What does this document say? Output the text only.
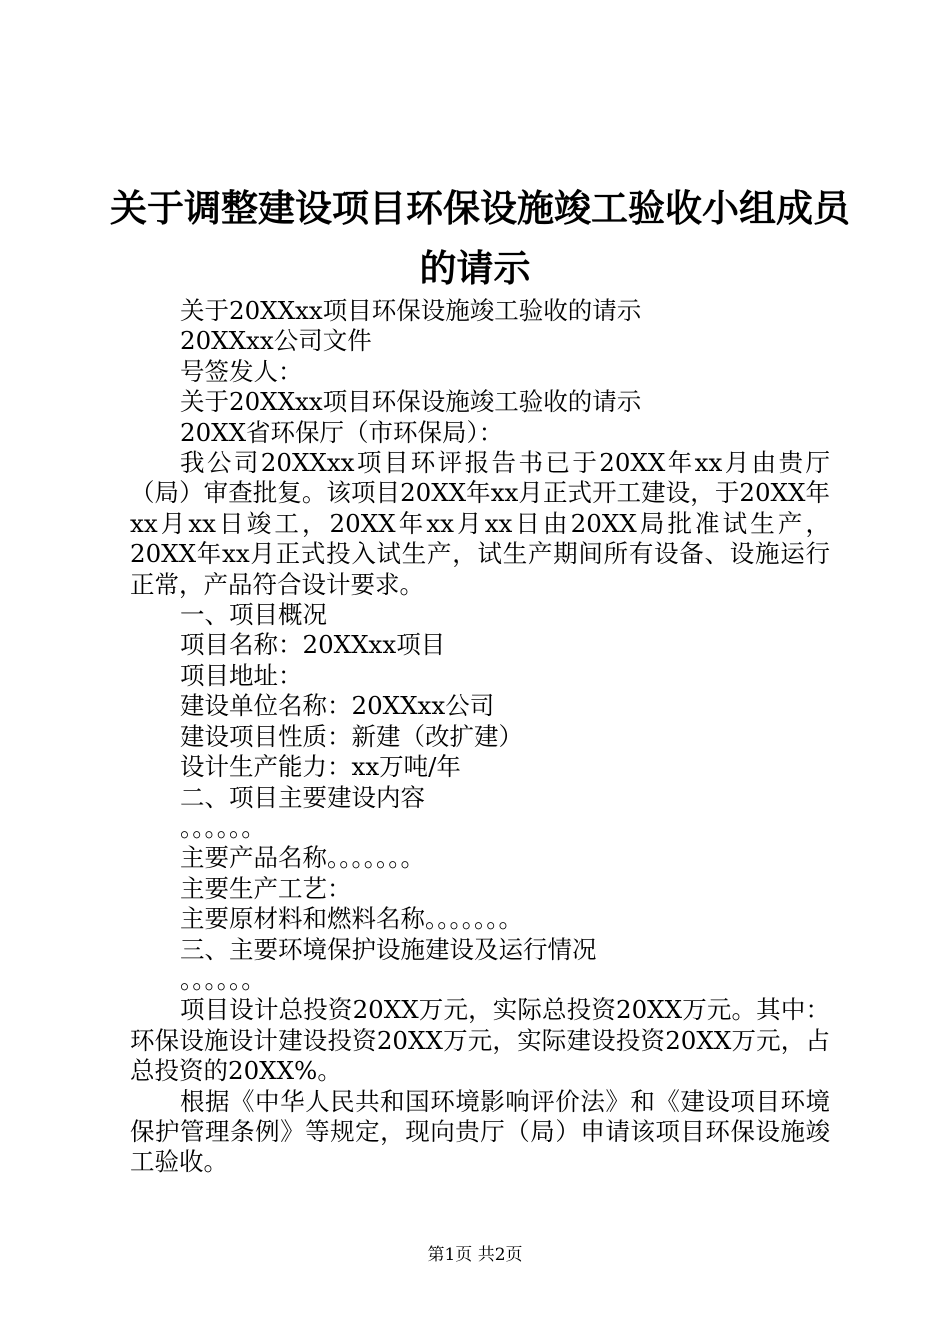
关于调整建设项目环保设施竣工验收小组成员
的请示

关于20XXxx项目环保设施竣工验收的请示

20XXxx公司文件

号签发人：

关于20XXxx项目环保设施竣工验收的请示

20XX省环保厅（市环保局）：

我公司20XXxx项目环评报告书已于20XX年xx月由贵厅（局）审查批复。该项目20XX年xx月正式开工建设，于20XX年xx月xx日竣工，20XX年xx月xx日由20XX局批准试生产，20XX年xx月正式投入试生产，试生产期间所有设备、设施运行正常，产品符合设计要求。

一、项目概况

项目名称：20XXxx项目

项目地址：

建设单位名称：20XXxx公司

建设项目性质：新建（改扩建）

设计生产能力：xx万吨/年

二、项目主要建设内容

。。。。。。

主要产品名称。。。。。。。

主要生产工艺：

主要原材料和燃料名称。。。。。。。

三、主要环境保护设施建设及运行情况

。。。。。。

项目设计总投资20XX万元，实际总投资20XX万元。其中：环保设施设计建设投资20XX万元，实际建设投资20XX万元，占总投资的20XX%。

根据《中华人民共和国环境影响评价法》和《建设项目环境保护管理条例》等规定，现向贵厅（局）申请该项目环保设施竣工验收。

第1页 共2页
